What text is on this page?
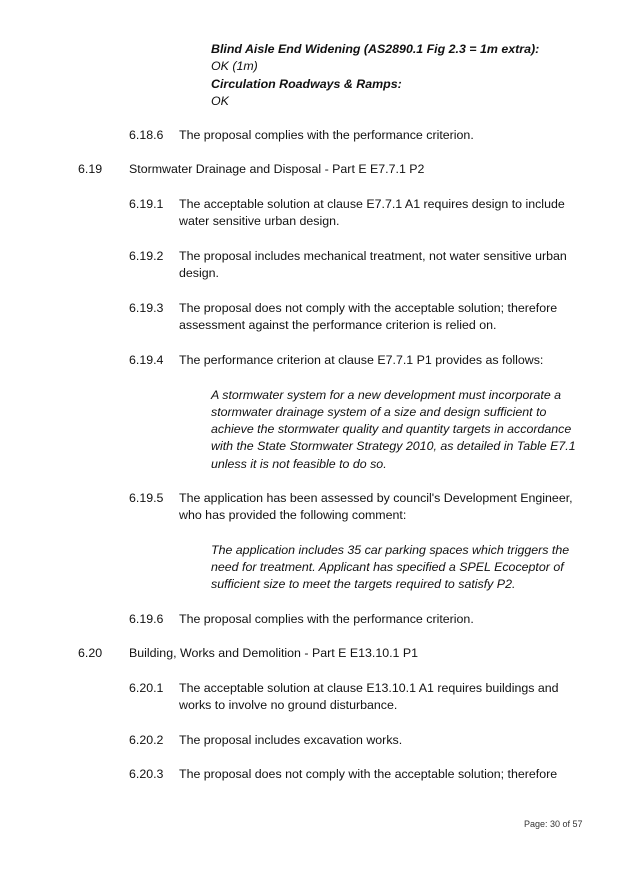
Blind Aisle End Widening (AS2890.1 Fig 2.3 = 1m extra):
OK (1m)
Circulation Roadways & Ramps:
OK
6.18.6 The proposal complies with the performance criterion.
6.19 Stormwater Drainage and Disposal - Part E E7.7.1 P2
6.19.1 The acceptable solution at clause E7.7.1 A1 requires design to include
water sensitive urban design.
6.19.2 The proposal includes mechanical treatment, not water sensitive urban
design.
6.19.3 The proposal does not comply with the acceptable solution; therefore
assessment against the performance criterion is relied on.
6.19.4 The performance criterion at clause E7.7.1 P1 provides as follows:
A stormwater system for a new development must incorporate a
stormwater drainage system of a size and design sufficient to
achieve the stormwater quality and quantity targets in accordance
with the State Stormwater Strategy 2010, as detailed in Table E7.1
unless it is not feasible to do so.
6.19.5 The application has been assessed by council's Development Engineer,
who has provided the following comment:
The application includes 35 car parking spaces which triggers the
need for treatment. Applicant has specified a SPEL Ecoceptor of
sufficient size to meet the targets required to satisfy P2.
6.19.6 The proposal complies with the performance criterion.
6.20 Building, Works and Demolition - Part E E13.10.1 P1
6.20.1 The acceptable solution at clause E13.10.1 A1 requires buildings and
works to involve no ground disturbance.
6.20.2 The proposal includes excavation works.
6.20.3 The proposal does not comply with the acceptable solution; therefore
Page: 30 of 57
